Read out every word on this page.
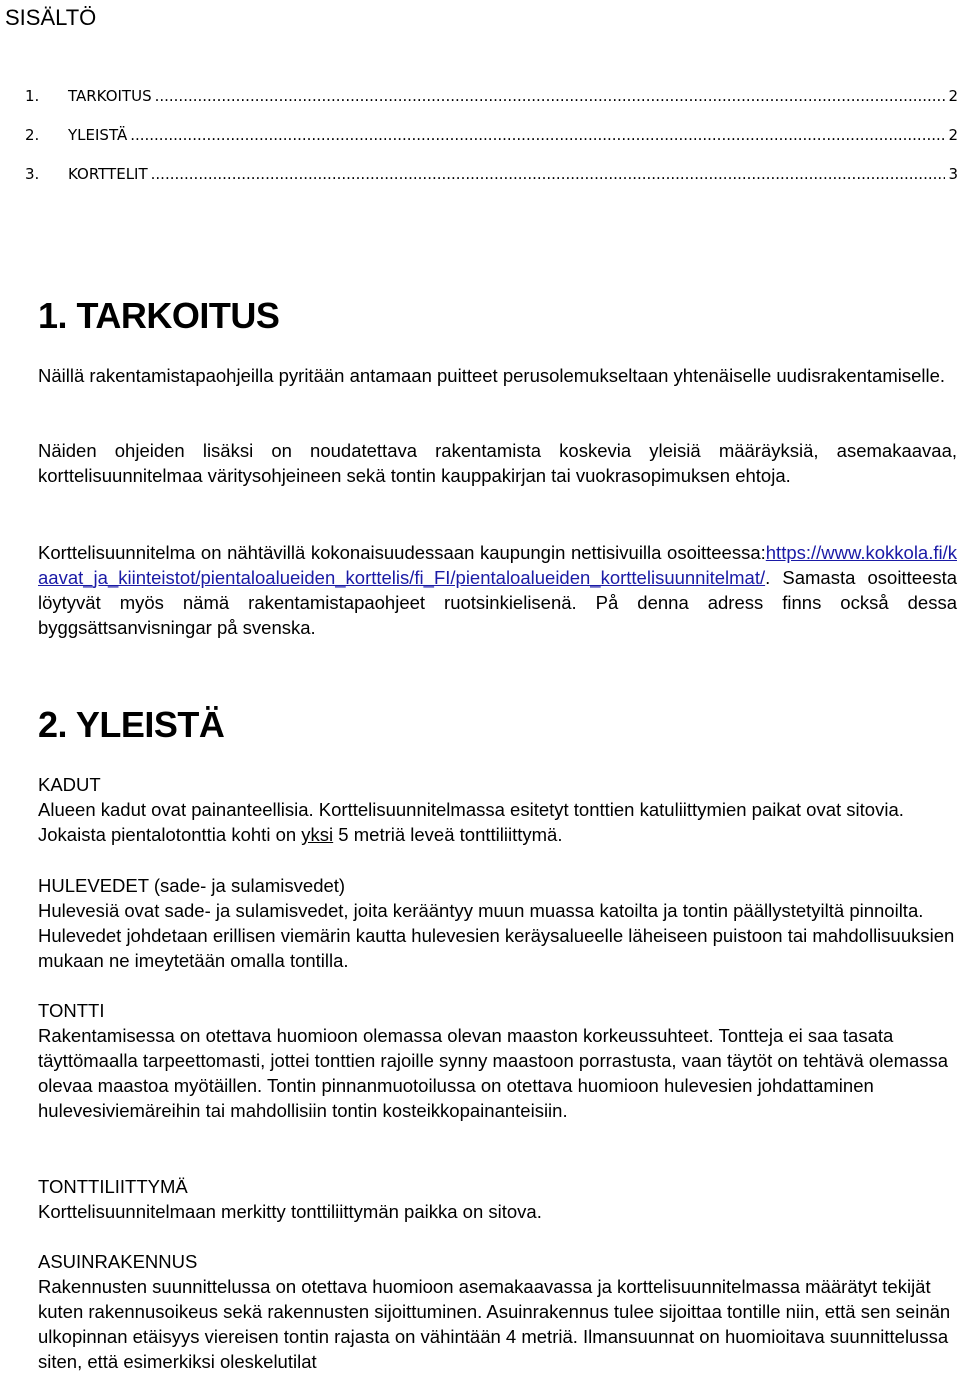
SISÄLTÖ
1.	TARKOITUS .....	2
2.	YLEISTÄ .....	2
3.	KORTTELIT .....	3
1. TARKOITUS

Näillä rakentamistapaohjeilla pyritään antamaan puitteet perusolemukseltaan yhtenäiselle uudisrakentamiselle.

Näiden ohjeiden lisäksi on noudatettava rakentamista koskevia yleisiä määräyksiä, asemakaavaa, korttelisuunnitelmaa väritysohjeineen sekä tontin kauppakirjan tai vuokrasopimuksen ehtoja.

Korttelisuunnitelma on nähtävillä kokonaisuudessaan kaupungin nettisivuilla osoitteessa:https://www.kokkola.fi/kaavat_ja_kiinteistot/pientaloalueiden_korttelis/fi_FI/pientaloalueiden_korttelisuunnitelmat/. Samasta osoitteesta löytyvät myös nämä rakentamistapaohjeet ruotsinkielisenä. På denna adress finns också dessa byggsättsanvisningar på svenska.

2. YLEISTÄ
KADUT

Alueen kadut ovat painanteellisia. Korttelisuunnitelmassa esitetyt tonttien katuliittymien paikat ovat sitovia. Jokaista pientalotonttia kohti on yksi 5 metriä leveä tonttiliittymä.

HULEVEDET (sade- ja sulamisvedet)

Hulevesiä ovat sade- ja sulamisvedet, joita kerääntyy muun muassa katoilta ja tontin päällystetyiltä pinnoilta. Hulevedet johdetaan erillisen viemärin kautta hulevesien keräysalueelle läheiseen puistoon tai mahdollisuuksien mukaan ne imeytetään omalla tontilla.

TONTTI

Rakentamisessa on otettava huomioon olemassa olevan maaston korkeussuhteet. Tontteja ei saa tasata täyttömaalla tarpeettomasti, jottei tonttien rajoille synny maastoon porrastusta, vaan täytöt on tehtävä olemassa olevaa maastoa myötäillen. Tontin pinnanmuotoilussa on otettava huomioon hulevesien johdattaminen hulevesiviemäreihin tai mahdollisiin tontin kosteikkopainanteisiin.

TONTTILIITTYMÄ

Korttelisuunnitelmaan merkitty tonttiliittymän paikka on sitova.

ASUINRAKENNUS

Rakennusten suunnittelussa on otettava huomioon asemakaavassa ja korttelisuunnitelmassa määrätyt tekijät kuten rakennusoikeus sekä rakennusten sijoittuminen. Asuinrakennus tulee sijoittaa tontille niin, että sen seinän ulkopinnan etäisyys viereisen tontin rajasta on vähintään 4 metriä. Ilmansuunnat on huomioitava suunnittelussa siten, että esimerkiksi oleskelutilat
